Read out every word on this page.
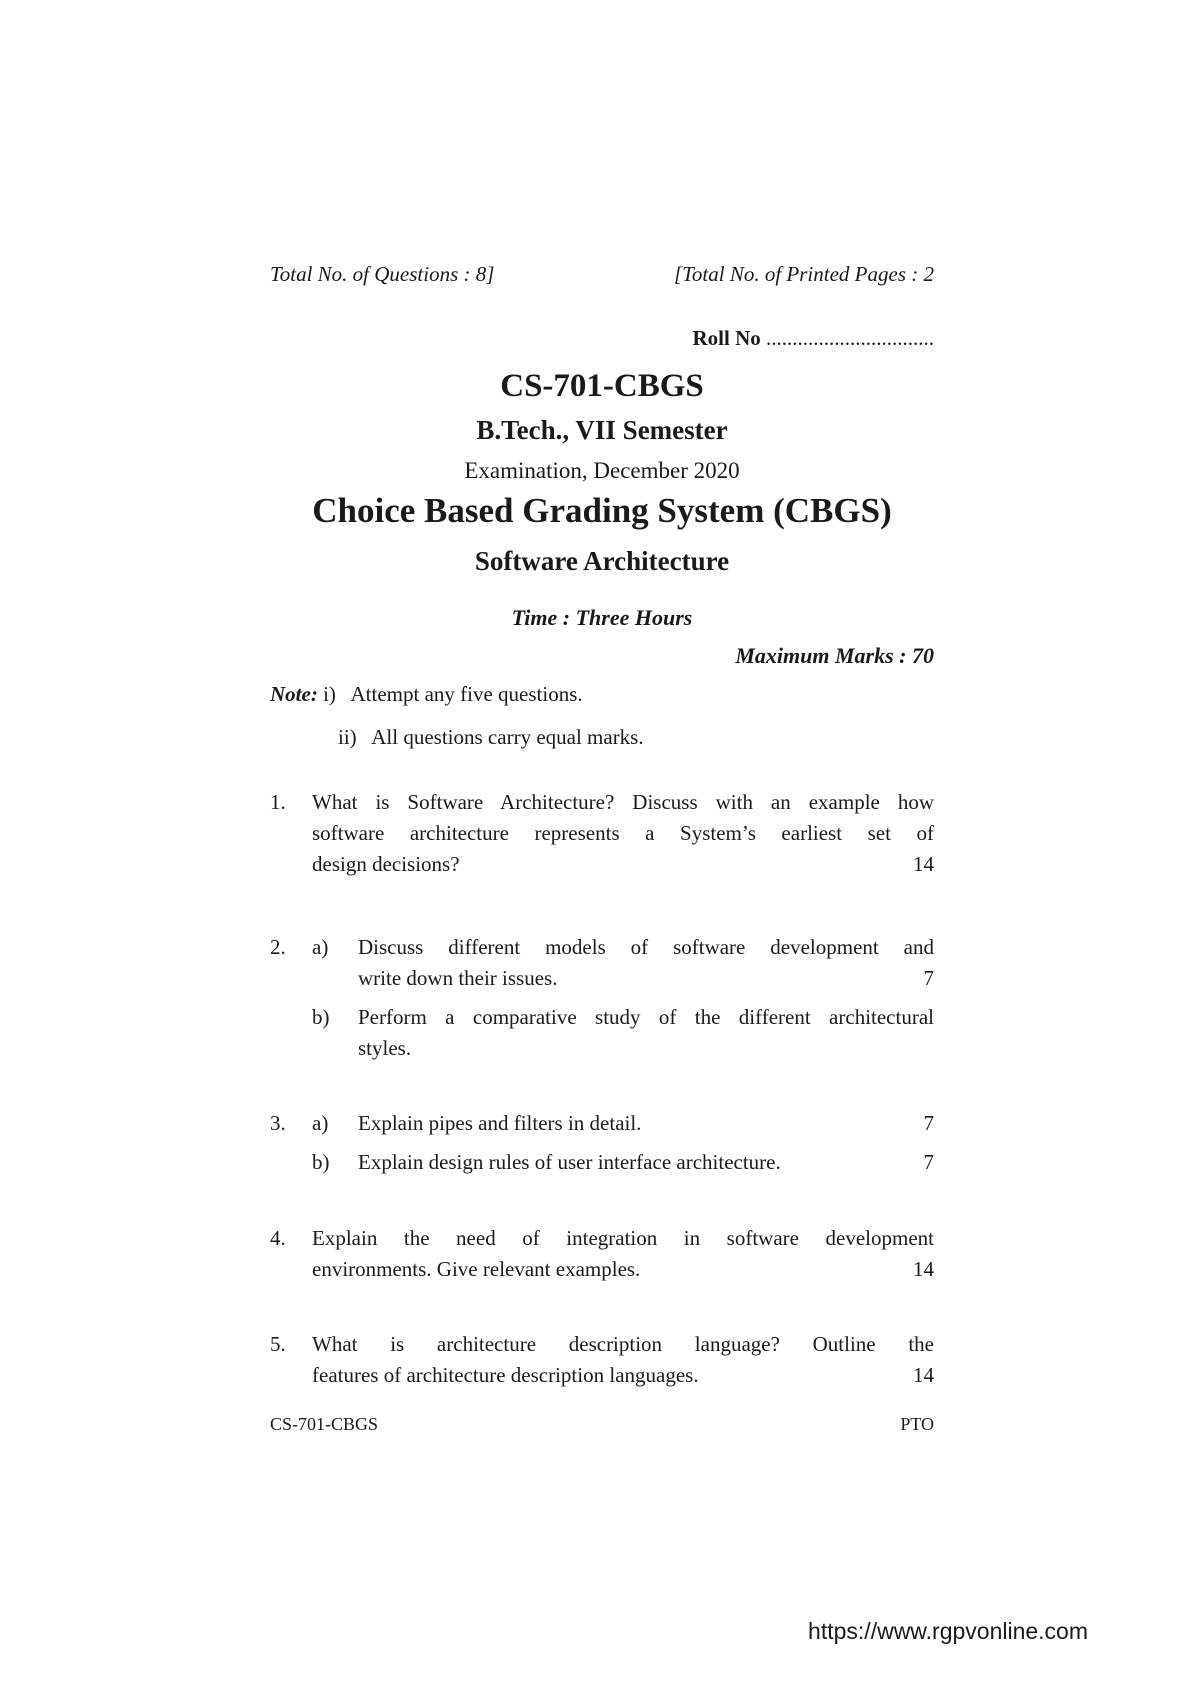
Total No. of Questions : 8]	[Total No. of Printed Pages : 2
Roll No ................................
CS-701-CBGS
B.Tech., VII Semester
Examination, December 2020
Choice Based Grading System (CBGS)
Software Architecture
Time : Three Hours
Maximum Marks : 70
Note: i) Attempt any five questions.
ii) All questions carry equal marks.
1. What is Software Architecture? Discuss with an example how
software architecture represents a System’s earliest set of
design decisions?	14
2. a) Discuss different models of software development and
write down their issues.	7
b) Perform a comparative study of the different architectural
styles.
3. a) Explain pipes and filters in detail.	7
b) Explain design rules of user interface architecture.	7
4. Explain the need of integration in software development
environments. Give relevant examples.	14
5. What is architecture description language? Outline the
features of architecture description languages.	14
CS-701-CBGS	PTO
https://www.rgpvonline.com
